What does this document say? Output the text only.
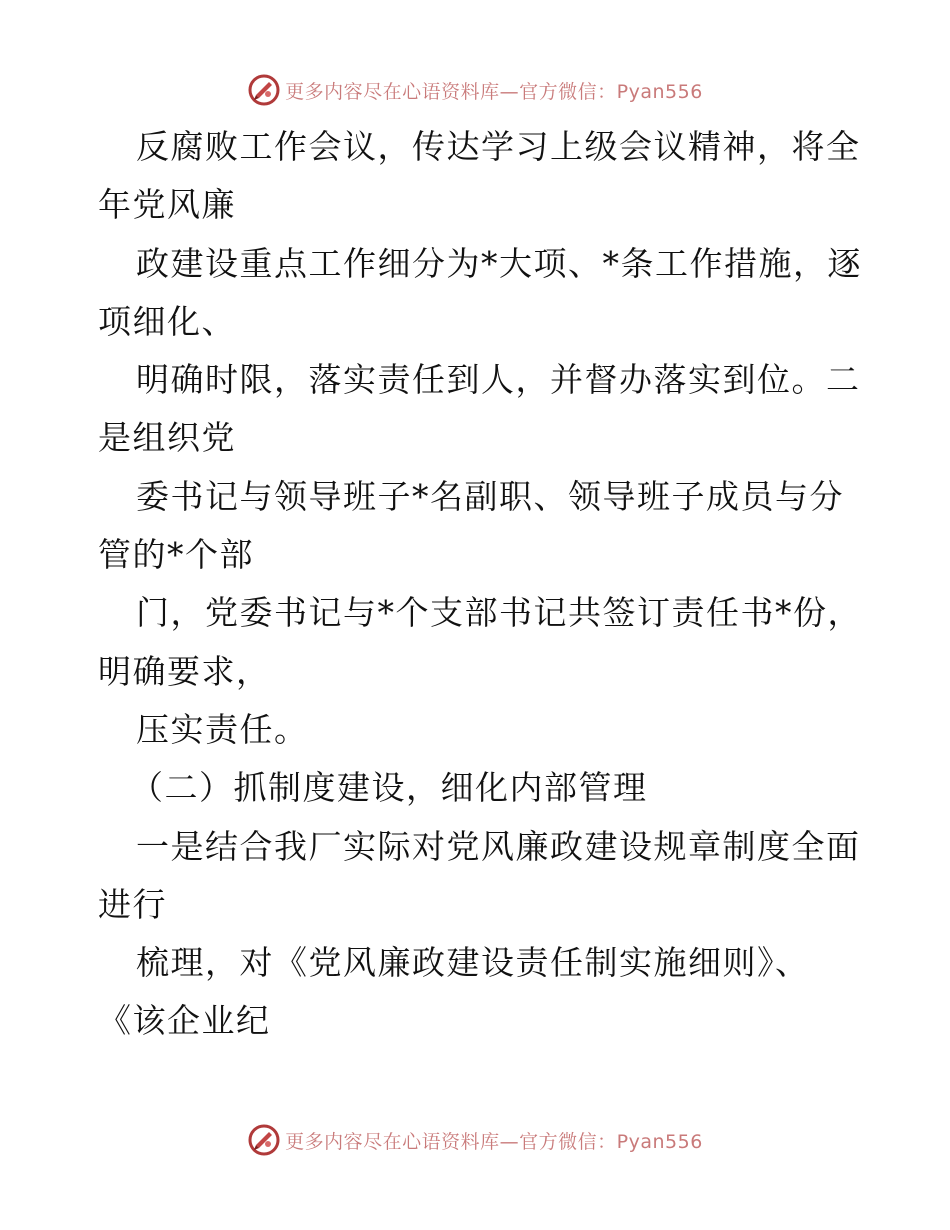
更多内容尽在心语资料库—官方微信：Pyan556
反腐败工作会议，传达学习上级会议精神，将全
年党风廉
政建设重点工作细分为*大项、*条工作措施，逐
项细化、
明确时限，落实责任到人，并督办落实到位。二
是组织党
委书记与领导班子*名副职、领导班子成员与分
管的*个部
门，党委书记与*个支部书记共签订责任书*份，
明确要求，
压实责任。
（二）抓制度建设，细化内部管理
一是结合我厂实际对党风廉政建设规章制度全面
进行
梳理，对《党风廉政建设责任制实施细则》、
《该企业纪
更多内容尽在心语资料库—官方微信：Pyan556
